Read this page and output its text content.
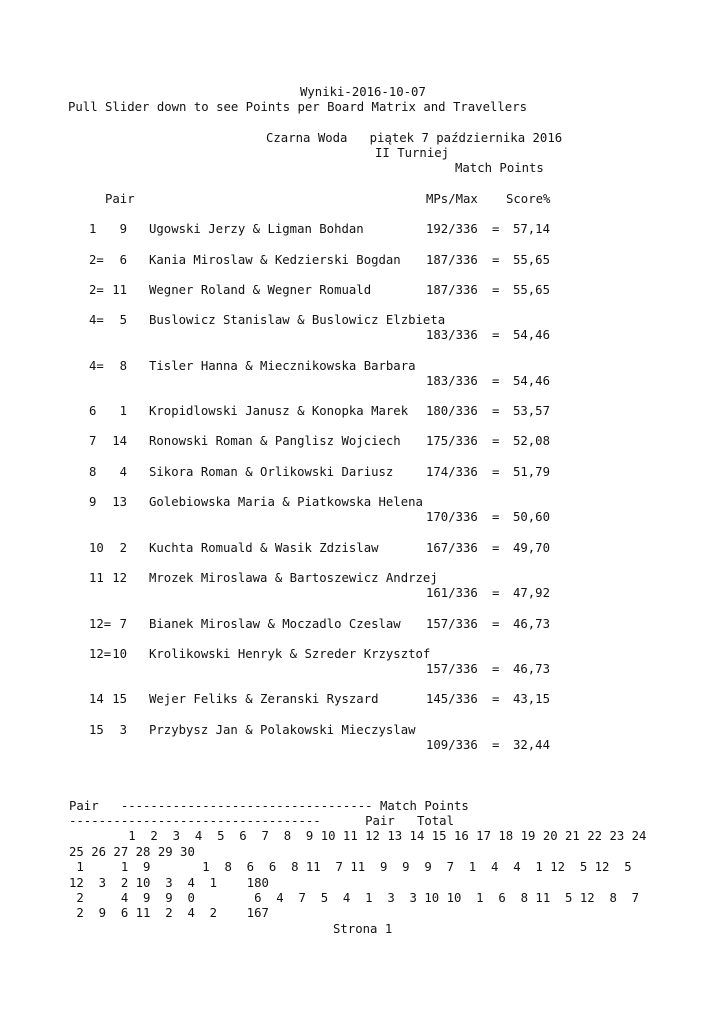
Wyniki-2016-10-07
Pull Slider down to see Points per Board Matrix and Travellers
Czarna Woda   piątek 7 października 2016
II Turniej
Match Points
Pair	MPs/Max Score%
1 9 Ugowski Jerzy & Ligman Bohdan	192/336 = 57,14
2= 6 Kania Miroslaw & Kedzierski Bogdan 187/336 = 55,65
2= 11 Wegner Roland & Wegner Romuald	187/336 = 55,65
4= 5 Buslowicz Stanislaw & Buslowicz Elzbieta
183/336 = 54,46
4= 8 Tisler Hanna & Miecznikowska Barbara
183/336 = 54,46
6 1 Kropidlowski Janusz & Konopka Marek 180/336 = 53,57
7 14 Ronowski Roman & Panglisz Wojciech 175/336 = 52,08
8 4 Sikora Roman & Orlikowski Dariusz	174/336 = 51,79
9 13 Golebiowska Maria & Piatkowska Helena
170/336 = 50,60
10 2 Kuchta Romuald & Wasik Zdzislaw	167/336 = 49,70
11 12 Mrozek Miroslawa & Bartoszewicz Andrzej
161/336 = 47,92
12= 7 Bianek Miroslaw & Moczadlo Czeslaw 157/336 = 46,73
12= 10 Krolikowski Henryk & Szreder Krzysztof
157/336 = 46,73
14 15 Wejer Feliks & Zeranski Ryszard	145/336 = 43,15
15 3 Przybysz Jan & Polakowski Mieczyslaw
109/336 = 32,44
Pair   ---------------------------------- Match Points
----------------------------------      Pair   Total
1  2  3  4  5  6  7  8  9 10 11 12 13 14 15 16 17 18 19 20 21 22 23 24
25 26 27 28 29 30
1     1  9       1  8  6  6  8 11  7 11  9  9  9  7  1  4  4  1 12  5 12  5
12  3  2 10  3  4  1    180
2     4  9  9  0        6  4  7  5  4  1  3  3 10 10  1  6  8 11  5 12  8  7
2  9  6 11  2  4  2    167
Strona 1
